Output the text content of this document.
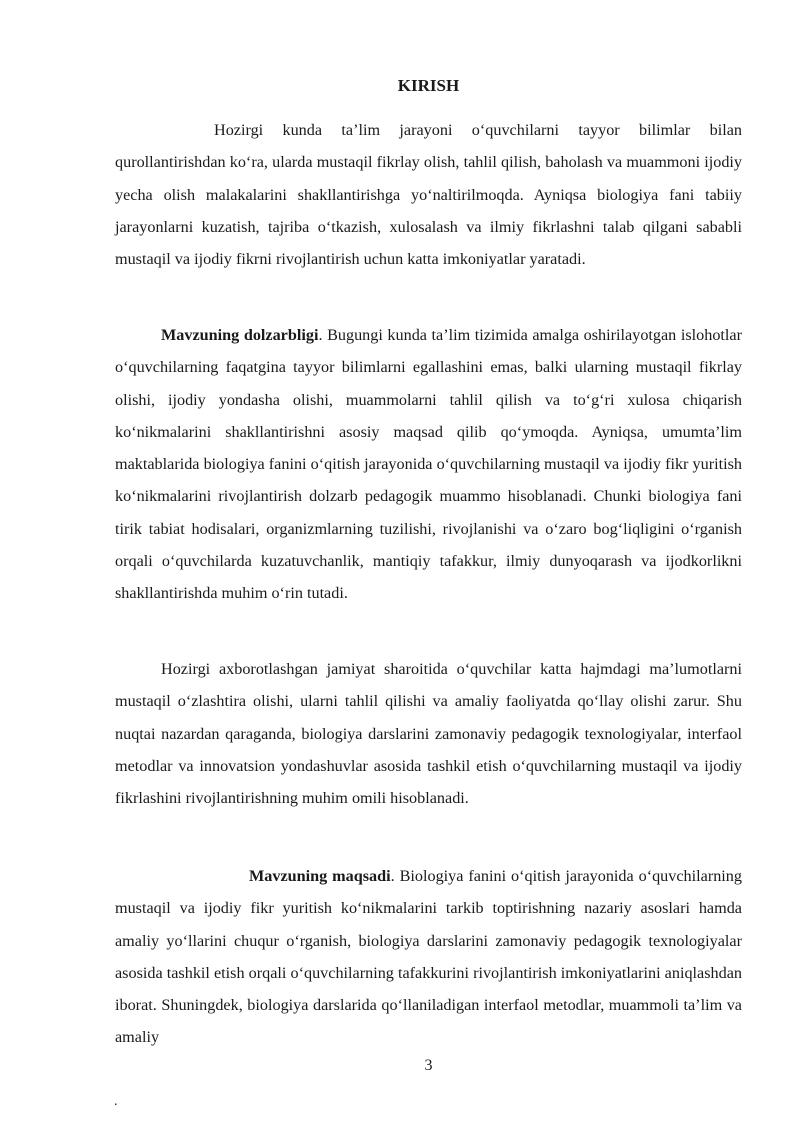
KIRISH

Hozirgi kunda ta’lim jarayoni o‘quvchilarni tayyor bilimlar bilan qurollantirishdan ko‘ra, ularda mustaqil fikrlay olish, tahlil qilish, baholash va muammoni ijodiy yecha olish malakalarini shakllantirishga yo‘naltirilmoqda. Ayniqsa biologiya fani tabiiy jarayonlarni kuzatish, tajriba o‘tkazish, xulosalash va ilmiy fikrlashni talab qilgani sababli mustaqil va ijodiy fikrni rivojlantirish uchun katta imkoniyatlar yaratadi.

Mavzuning dolzarbligi. Bugungi kunda ta’lim tizimida amalga oshirilayotgan islohotlar o‘quvchilarning faqatgina tayyor bilimlarni egallashini emas, balki ularning mustaqil fikrlay olishi, ijodiy yondasha olishi, muammolarni tahlil qilish va to‘g‘ri xulosa chiqarish ko‘nikmalarini shakllantirishni asosiy maqsad qilib qo‘ymoqda. Ayniqsa, umumta’lim maktablarida biologiya fanini o‘qitish jarayonida o‘quvchilarning mustaqil va ijodiy fikr yuritish ko‘nikmalarini rivojlantirish dolzarb pedagogik muammo hisoblanadi. Chunki biologiya fani tirik tabiat hodisalari, organizmlarning tuzilishi, rivojlanishi va o‘zaro bog‘liqligini o‘rganish orqali o‘quvchilarda kuzatuvchanlik, mantiqiy tafakkur, ilmiy dunyoqarash va ijodkorlikni shakllantirishda muhim o‘rin tutadi.

Hozirgi axborotlashgan jamiyat sharoitida o‘quvchilar katta hajmdagi ma’lumotlarni mustaqil o‘zlashtira olishi, ularni tahlil qilishi va amaliy faoliyatda qo‘llay olishi zarur. Shu nuqtai nazardan qaraganda, biologiya darslarini zamonaviy pedagogik texnologiyalar, interfaol metodlar va innovatsion yondashuvlar asosida tashkil etish o‘quvchilarning mustaqil va ijodiy fikrlashini rivojlantirishning muhim omili hisoblanadi.

Mavzuning maqsadi. Biologiya fanini o‘qitish jarayonida o‘quvchilarning mustaqil va ijodiy fikr yuritish ko‘nikmalarini tarkib toptirishning nazariy asoslari hamda amaliy yo‘llarini chuqur o‘rganish, biologiya darslarini zamonaviy pedagogik texnologiyalar asosida tashkil etish orqali o‘quvchilarning tafakkurini rivojlantirish imkoniyatlarini aniqlashdan iborat. Shuningdek, biologiya darslarida qo‘llaniladigan interfaol metodlar, muammoli ta’lim va amaliy

3
.
